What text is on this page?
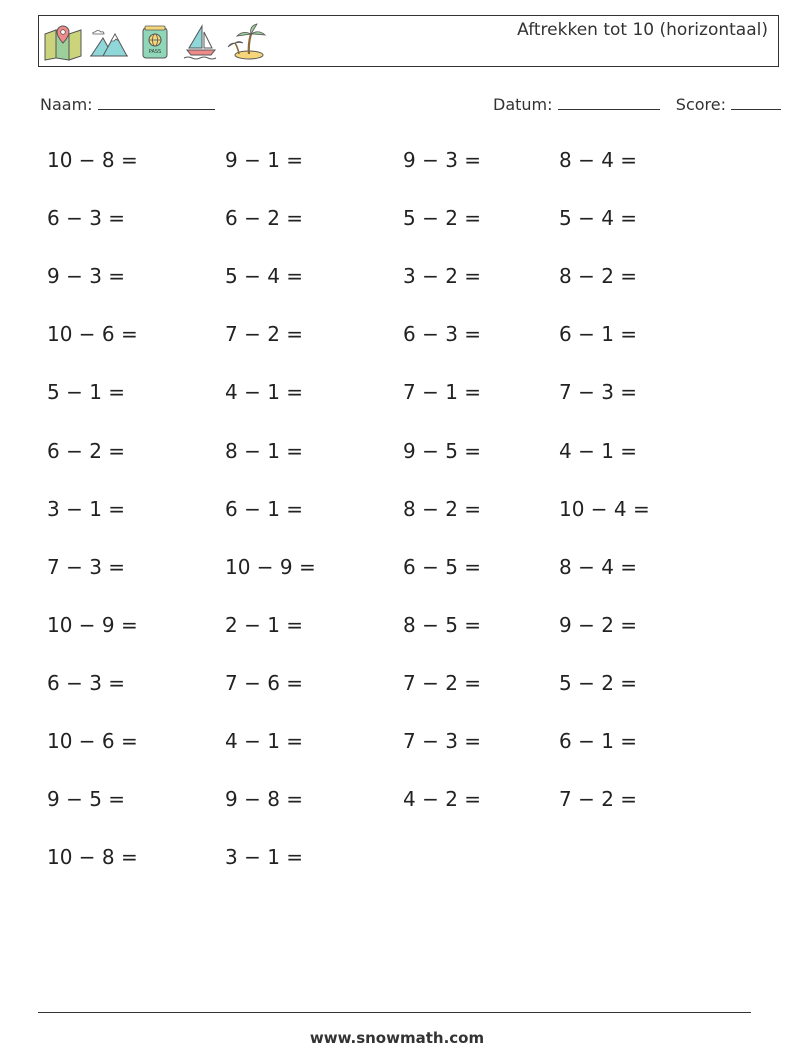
PASS
Aftrekken tot 10 (horizontaal)
Naam:	Datum:	Score:
10 − 8 =	9 − 1 =	9 − 3 =	8 − 4 =
6 − 3 =	6 − 2 =	5 − 2 =	5 − 4 =
9 − 3 =	5 − 4 =	3 − 2 =	8 − 2 =
10 − 6 =	7 − 2 =	6 − 3 =	6 − 1 =
5 − 1 =	4 − 1 =	7 − 1 =	7 − 3 =
6 − 2 =	8 − 1 =	9 − 5 =	4 − 1 =
3 − 1 =	6 − 1 =	8 − 2 =	10 − 4 =
7 − 3 =	10 − 9 =	6 − 5 =	8 − 4 =
10 − 9 =	2 − 1 =	8 − 5 =	9 − 2 =
6 − 3 =	7 − 6 =	7 − 2 =	5 − 2 =
10 − 6 =	4 − 1 =	7 − 3 =	6 − 1 =
9 − 5 =	9 − 8 =	4 − 2 =	7 − 2 =
10 − 8 =	3 − 1 =
www.snowmath.com
